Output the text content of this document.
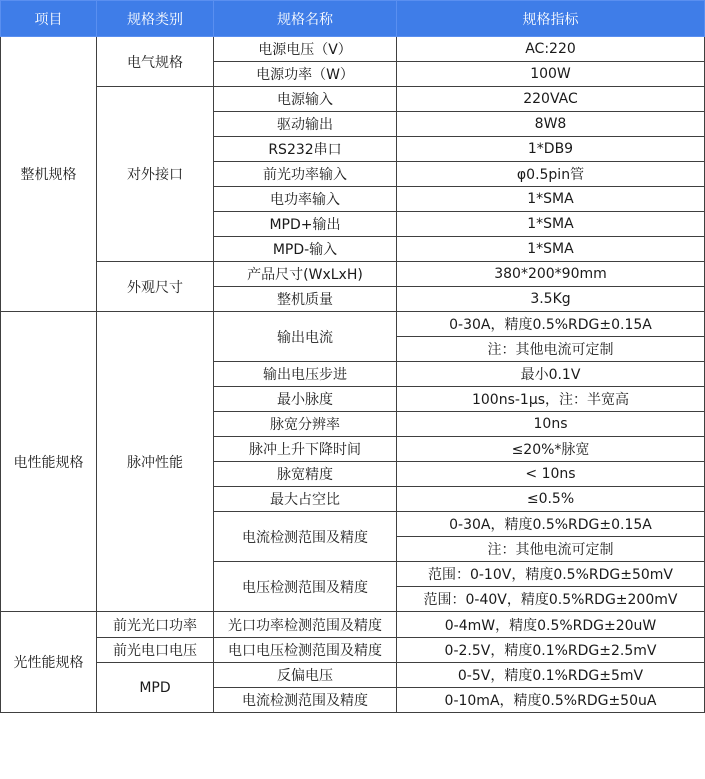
项目	规格类别	规格名称	规格指标
整机规格	电气规格	电源电压（V）	AC:220
		电源功率（W）	100W
	对外接口	电源输入	220VAC
		驱动输出	8W8
		RS232串口	1*DB9
		前光功率输入	φ0.5pin管
		电功率输入	1*SMA
		MPD+输出	1*SMA
		MPD-输入	1*SMA
	外观尺寸	产品尺寸(WxLxH)	380*200*90mm
		整机质量	3.5Kg
电性能规格	脉冲性能	输出电流	0-30A，精度0.5%RDG±0.15A
			注：其他电流可定制
		输出电压步进	最小0.1V
		最小脉度	100ns-1μs，注：半宽高
		脉宽分辨率	10ns
		脉冲上升下降时间	≤20%*脉宽
		脉宽精度	< 10ns
		最大占空比	≤0.5%
		电流检测范围及精度	0-30A，精度0.5%RDG±0.15A
			注：其他电流可定制
		电压检测范围及精度	范围：0-10V，精度0.5%RDG±50mV
			范围：0-40V，精度0.5%RDG±200mV
光性能规格	前光光口功率	光口功率检测范围及精度	0-4mW，精度0.5%RDG±20uW

	前光电口电压	电口电压检测范围及精度	0-2.5V，精度0.1%RDG±2.5mV
	MPD	反偏电压	0-5V，精度0.1%RDG±5mV
		电流检测范围及精度	0-10mA，精度0.5%RDG±50uA
